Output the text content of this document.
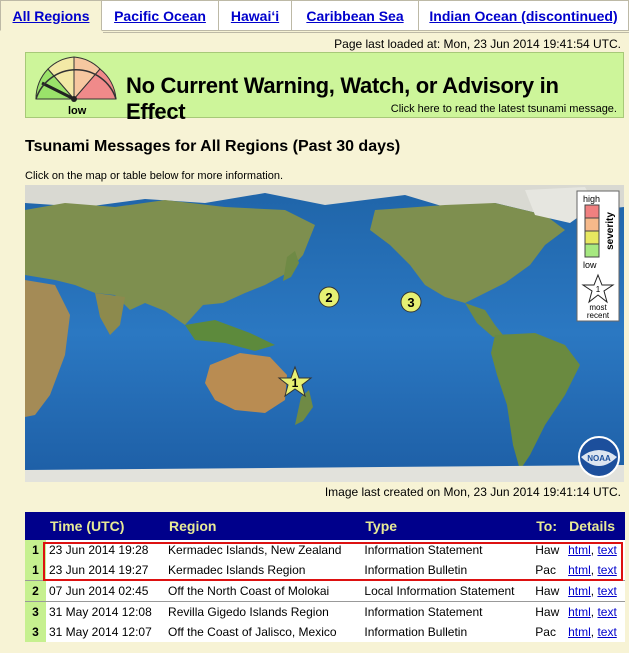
All Regions	Pacific Ocean	Hawai‘i	Caribbean Sea	Indian Ocean (discontinued)
Page last loaded at: Mon, 23 Jun 2014 19:41:54 UTC.
low
No Current Warning, Watch, or Advisory in Effect	Click here to read the latest tsunami message.
Tsunami Messages for All Regions (Past 30 days)
Click on the map or table below for more information.
2	3
1
high
severity
low
1
most
recent
NOAA
Image last created on Mon, 23 Jun 2014 19:41:14 UTC.
	Time (UTC)	Region	Type	To:	Details
1	23 Jun 2014 19:28	Kermadec Islands, New Zealand	Information Statement	Haw	html, text
1	23 Jun 2014 19:27	Kermadec Islands Region	Information Bulletin	Pac	html, text
2	07 Jun 2014 02:45	Off the North Coast of Molokai	Local Information Statement	Haw	html, text
3	31 May 2014 12:08	Revilla Gigedo Islands Region	Information Statement	Haw	html, text
3	31 May 2014 12:07	Off the Coast of Jalisco, Mexico	Information Bulletin	Pac	html, text
